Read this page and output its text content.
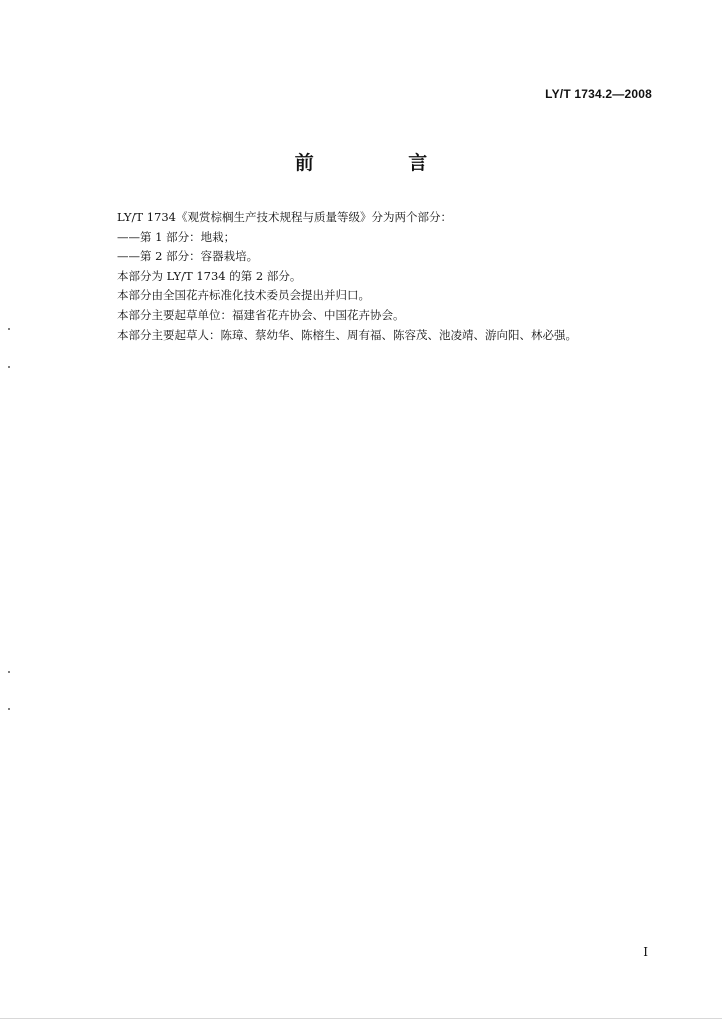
LY/T 1734.2—2008
前 言
LY/T 1734《观赏棕榈生产技术规程与质量等级》分为两个部分：
——第 1 部分：地栽；
——第 2 部分：容器栽培。
本部分为 LY/T 1734 的第 2 部分。
本部分由全国花卉标准化技术委员会提出并归口。
本部分主要起草单位：福建省花卉协会、中国花卉协会。
本部分主要起草人：陈璋、蔡幼华、陈榕生、周有福、陈容茂、池凌靖、游向阳、林必强。
I
